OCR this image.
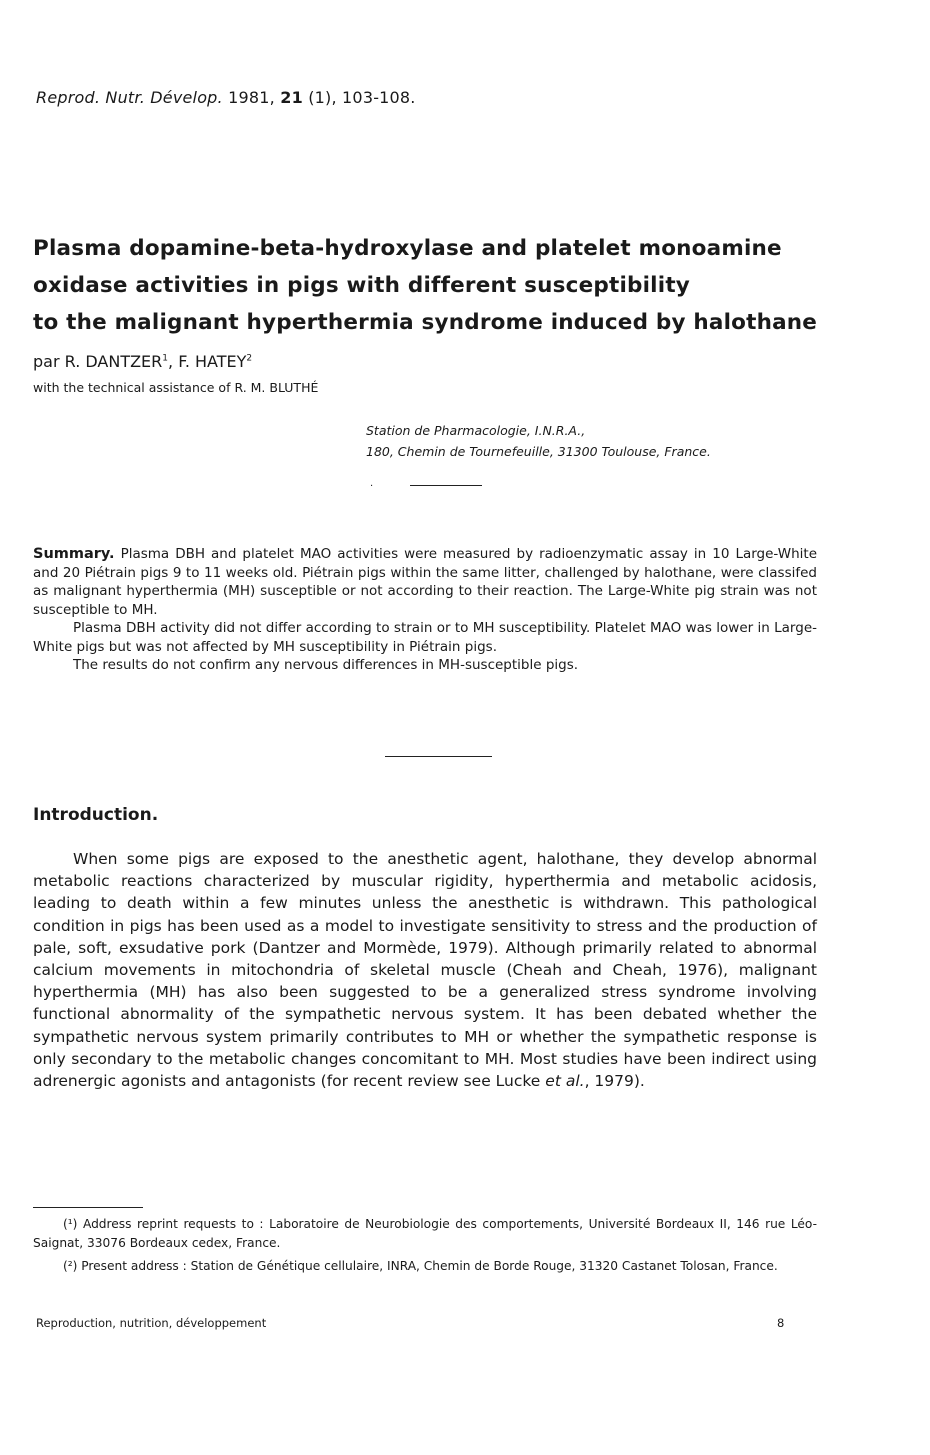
Reprod. Nutr. Dévelop. 1981, 21 (1), 103-108.
Plasma dopamine-beta-hydroxylase and platelet monoamine
oxidase activities in pigs with different susceptibility
to the malignant hyperthermia syndrome induced by halothane
par R. DANTZER$^1$, F. HATEY$^2$
with the technical assistance of R. M. BLUTHÉ
Station de Pharmacologie, I.N.R.A.,
180, Chemin de Tournefeuille, 31300 Toulouse, France.
.

Summary. Plasma DBH and platelet MAO activities were measured by radioenzymatic assay in 10 Large-White and 20 Piétrain pigs 9 to 11 weeks old. Piétrain pigs within the same litter, challenged by halothane, were classifed as malignant hyperthermia (MH) susceptible or not according to their reaction. The Large-White pig strain was not susceptible to MH.

Plasma DBH activity did not differ according to strain or to MH susceptibility. Platelet MAO was lower in Large-White pigs but was not affected by MH susceptibility in Piétrain pigs.

The results do not confirm any nervous differences in MH-susceptible pigs.

Introduction.

When some pigs are exposed to the anesthetic agent, halothane, they develop abnormal metabolic reactions characterized by muscular rigidity, hyperthermia and metabolic acidosis, leading to death within a few minutes unless the anesthetic is withdrawn. This pathological condition in pigs has been used as a model to investigate sensitivity to stress and the production of pale, soft, exsudative pork (Dantzer and Mormède, 1979). Although primarily related to abnormal calcium movements in mitochondria of skeletal muscle (Cheah and Cheah, 1976), malignant hyperthermia (MH) has also been suggested to be a generalized stress syndrome involving functional abnormality of the sympathetic nervous system. It has been debated whether the sympathetic nervous system primarily contributes to MH or whether the sympathetic response is only secondary to the metabolic changes concomitant to MH. Most studies have been indirect using adrenergic agonists and antagonists (for recent review see Lucke et al., 1979).

(¹) Address reprint requests to : Laboratoire de Neurobiologie des comportements, Université Bordeaux II, 146 rue Léo-Saignat, 33076 Bordeaux cedex, France.

(²) Present address : Station de Génétique cellulaire, INRA, Chemin de Borde Rouge, 31320 Castanet Tolosan, France.

Reproduction, nutrition, développement	8
